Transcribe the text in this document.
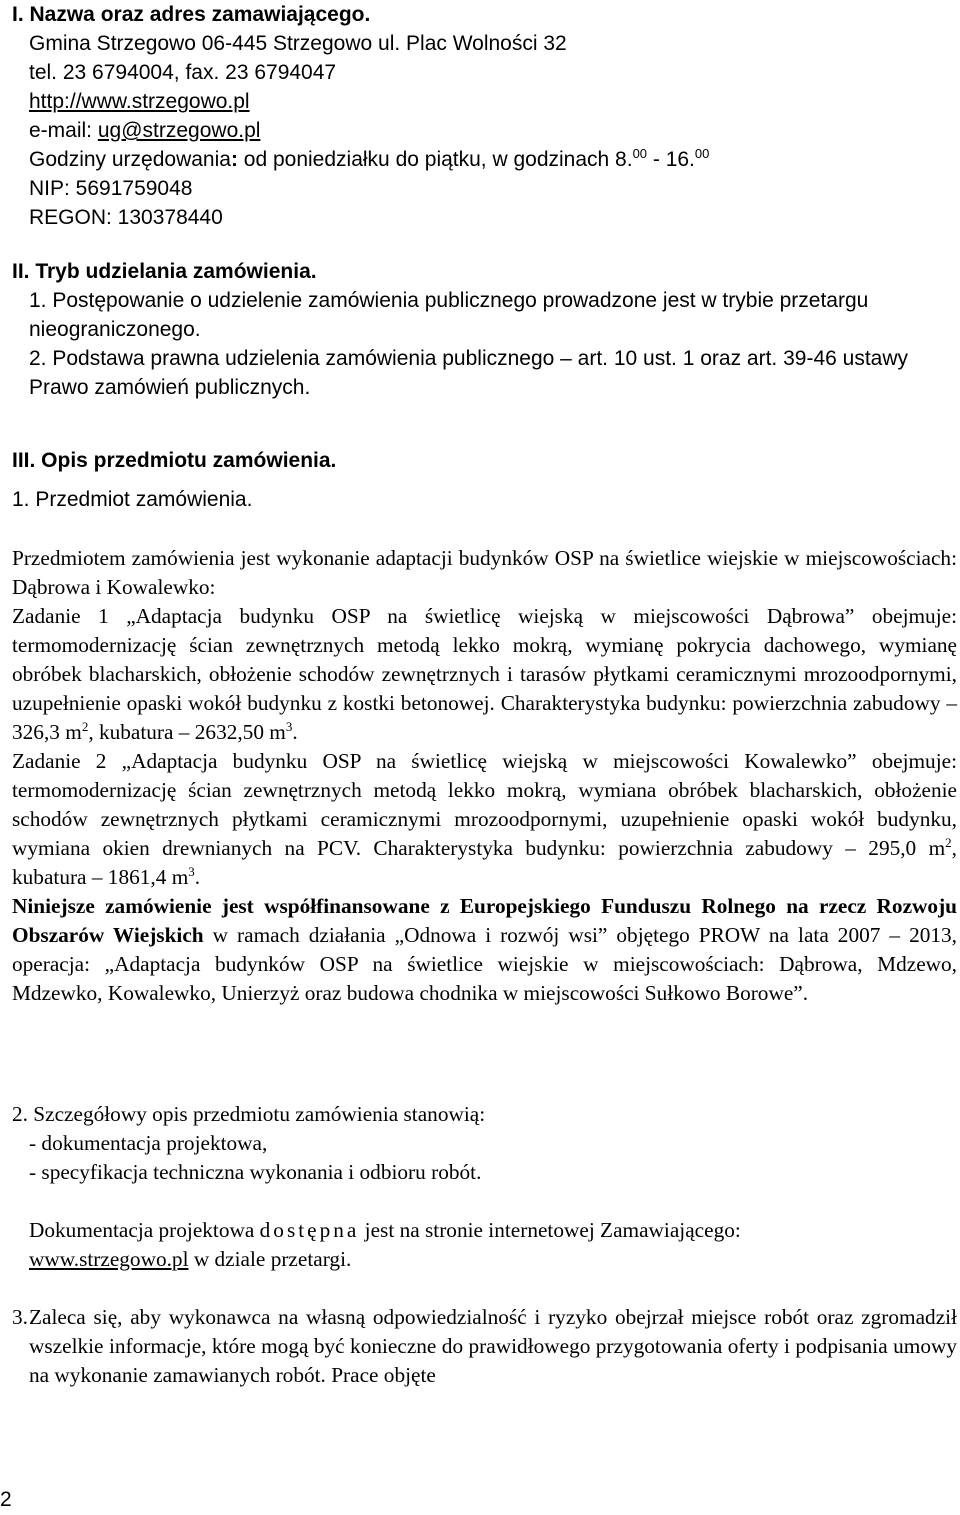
I. Nazwa oraz adres zamawiającego.

Gmina Strzegowo 06-445 Strzegowo ul. Plac Wolności 32

tel. 23 6794004, fax. 23 6794047

http://www.strzegowo.pl

e-mail: ug@strzegowo.pl

Godziny urzędowania: od poniedziałku do piątku, w godzinach 8.00 - 16.00

NIP: 5691759048

REGON: 130378440

II. Tryb udzielania zamówienia.

1. Postępowanie o udzielenie zamówienia publicznego prowadzone jest w trybie przetargu nieograniczonego.

2. Podstawa prawna udzielenia zamówienia publicznego – art. 10 ust. 1 oraz art. 39-46 ustawy Prawo zamówień publicznych.

III. Opis przedmiotu zamówienia.

1. Przedmiot zamówienia.

Przedmiotem zamówienia jest wykonanie adaptacji budynków OSP na świetlice wiejskie w miejscowościach: Dąbrowa i Kowalewko:

Zadanie 1 „Adaptacja budynku OSP na świetlicę wiejską w miejscowości Dąbrowa” obejmuje: termomodernizację ścian zewnętrznych metodą lekko mokrą, wymianę pokrycia dachowego, wymianę obróbek blacharskich, obłożenie schodów zewnętrznych i tarasów płytkami ceramicznymi mrozoodpornymi, uzupełnienie opaski wokół budynku z kostki betonowej. Charakterystyka budynku: powierzchnia zabudowy – 326,3 $m^2$, kubatura – 2632,50 $m^3$.

Zadanie 2 „Adaptacja budynku OSP na świetlicę wiejską w miejscowości Kowalewko” obejmuje: termomodernizację ścian zewnętrznych metodą lekko mokrą, wymiana obróbek blacharskich, obłożenie schodów zewnętrznych płytkami ceramicznymi mrozoodpornymi, uzupełnienie opaski wokół budynku, wymiana okien drewnianych na PCV. Charakterystyka budynku: powierzchnia zabudowy – 295,0 $m^2$, kubatura – 1861,4 $m^3$.

Niniejsze zamówienie jest współfinansowane z Europejskiego Funduszu Rolnego na rzecz Rozwoju Obszarów Wiejskich w ramach działania „Odnowa i rozwój wsi” objętego PROW na lata 2007 – 2013, operacja: „Adaptacja budynków OSP na świetlice wiejskie w miejscowościach: Dąbrowa, Mdzewo, Mdzewko, Kowalewko, Unierzyż oraz budowa chodnika w miejscowości Sułkowo Borowe”.

2. Szczegółowy opis przedmiotu zamówienia stanowią:

- dokumentacja projektowa,

- specyfikacja techniczna wykonania i odbioru robót.

Dokumentacja projektowa dostępna jest na stronie internetowej Zamawiającego:
www.strzegowo.pl w dziale przetargi.

3. Zaleca się, aby wykonawca na własną odpowiedzialność i ryzyko obejrzał miejsce robót oraz zgromadził wszelkie informacje, które mogą być konieczne do prawidłowego przygotowania oferty i podpisania umowy na wykonanie zamawianych robót. Prace objęte

2
